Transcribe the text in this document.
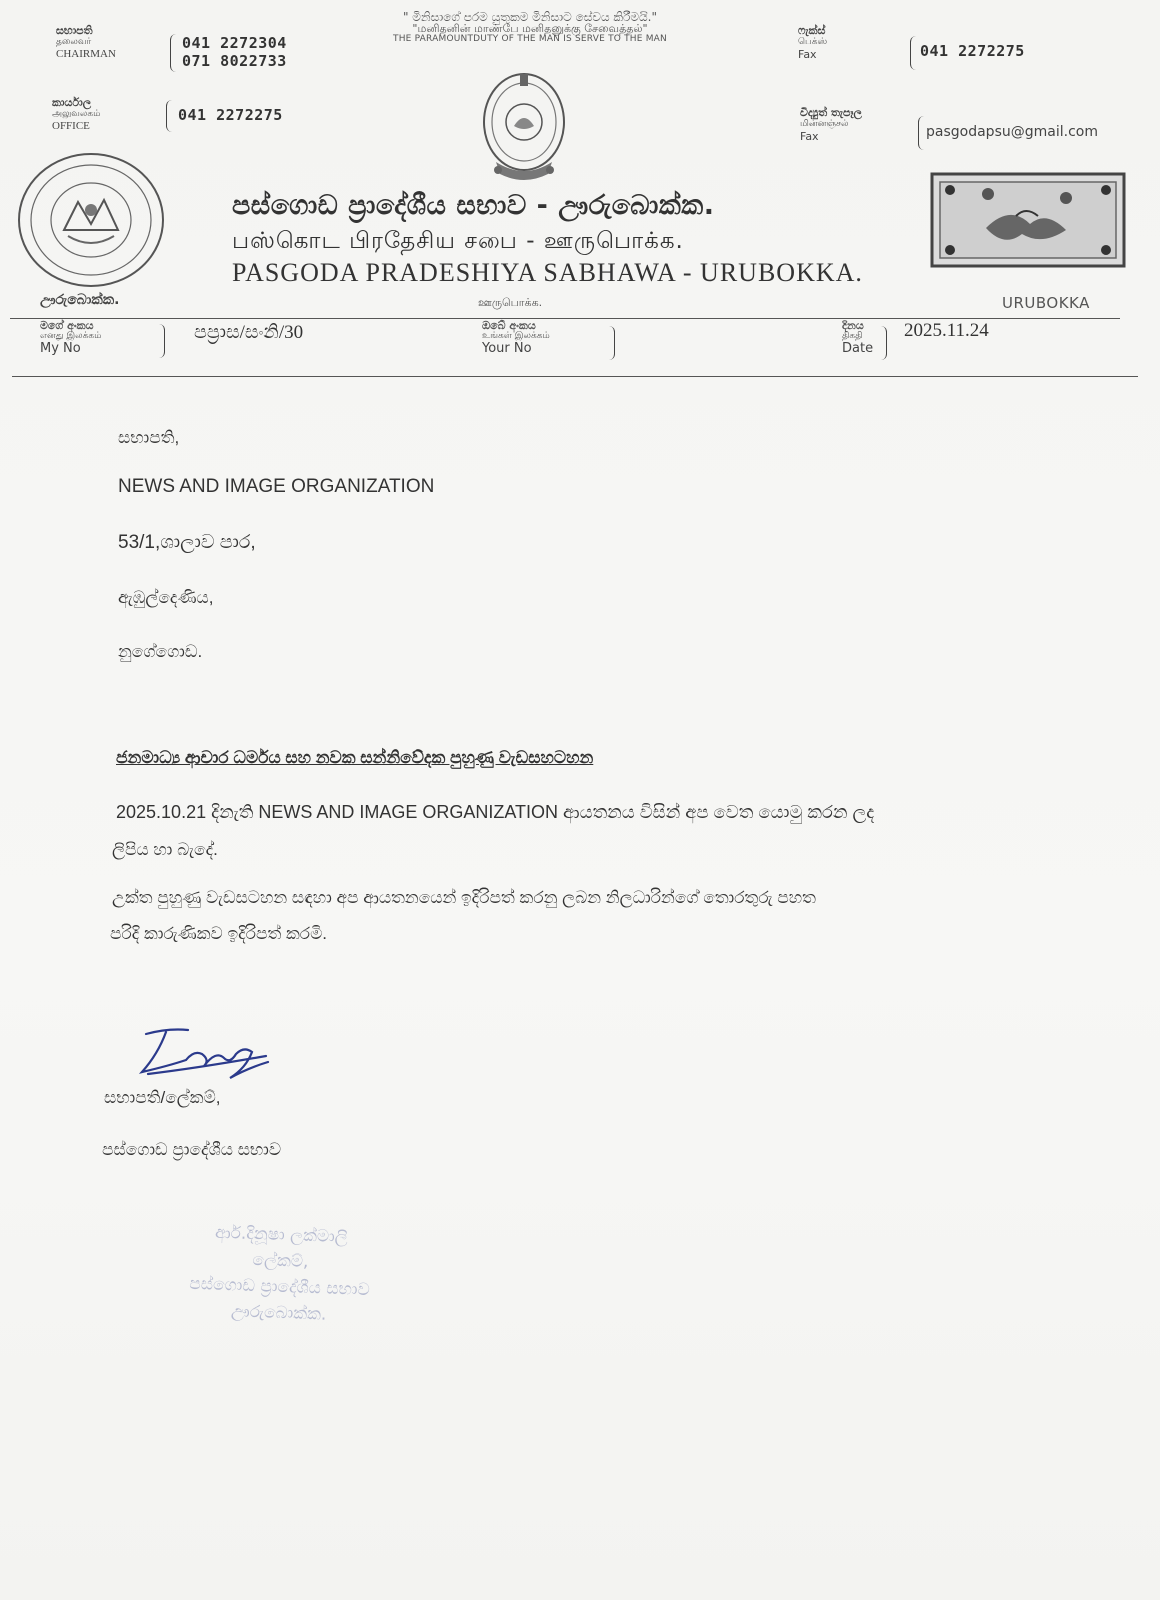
සභාපති
தலைவர்
CHAIRMAN
041 2272304
071 8022733
" මිනිසාගේ පරම යුතුකම මිනිසාට සේවය කිරීමයි."
"மனிதனின் மாண்பே மனிதனுக்கு சேவைத்தல்"
THE PARAMOUNTDUTY OF THE MAN IS SERVE TO THE MAN
ෆැක්ස්
பெக்ஸ்
Fax	041 2272275
කාර්යාල
அலுவலகம்
OFFICE
041 2272275	විද්‍යුත් තැපෑල
மின்னஞ்சல்
Fax	pasgodapsu@gmail.com
පස්ගොඩ ප්‍රාදේශීය සභාව - ඌරුබොක්ක.
பஸ்கொட பிரதேசிய சபை - ஊருபொக்க.
PASGODA PRADESHIYA SABHAWA - URUBOKKA.
ඌරුබොක්ක.	ஊருபொக்க.	URUBOKKA
මගේ අංකය
எனது இலக்கம்
My No
පප්‍රාස/සංනි/30	ඔබේ අංකය
உங்கள் இலக்கம்
Your No
දිනය
திகதி
Date
2025.11.24
සභාපති,
NEWS AND IMAGE ORGANIZATION
53/1,ශාලාව පාර,
ඇඹුල්දෙණිය,
නුගේගොඩ.
ජනමාධ්‍ය ආචාර ධර්මය සහ නවක සන්නිවේදක පුහුණු වැඩසහටහන
2025.10.21 දිනැති NEWS AND IMAGE ORGANIZATION ආයතනය විසින් අප වෙත යොමු කරන ලද
ලිපිය හා බැදේ.
උක්ත පුහුණු වැඩසටහන සඳහා අප ආයතනයෙන් ඉදිරිපත් කරනු ලබන නිලධාරින්ගේ තොරතුරු පහත
පරිදි කාරුණිකව ඉදිරිපත් කරමි.
සභාපති/ලේකම්,
පස්ගොඩ ප්‍රාදේශීය සභාව
ආර්.දිනූෂා ලක්මාලි
ලේකම්,
පස්ගොඩ ප්‍රාදේශීය සභාව
ඌරුබොක්ක.
